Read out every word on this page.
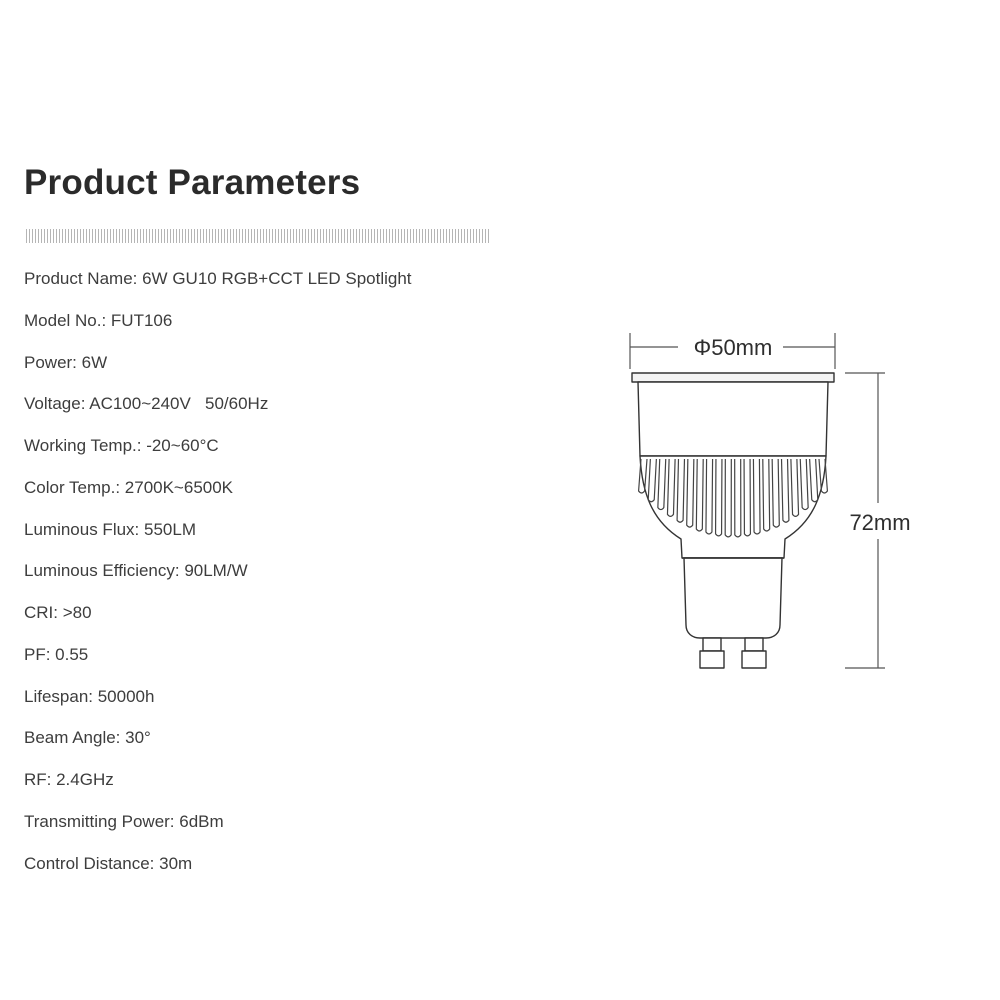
Product Parameters
Product Name: 6W GU10 RGB+CCT LED Spotlight
Model No.: FUT106
Power: 6W
Voltage: AC100~240V   50/60Hz
Working Temp.: -20~60°C
Color Temp.: 2700K~6500K
Luminous Flux: 550LM
Luminous Efficiency: 90LM/W
CRI: >80
PF: 0.55
Lifespan: 50000h
Beam Angle: 30°
RF: 2.4GHz
Transmitting Power: 6dBm
Control Distance: 30m
Φ50mm
72mm
